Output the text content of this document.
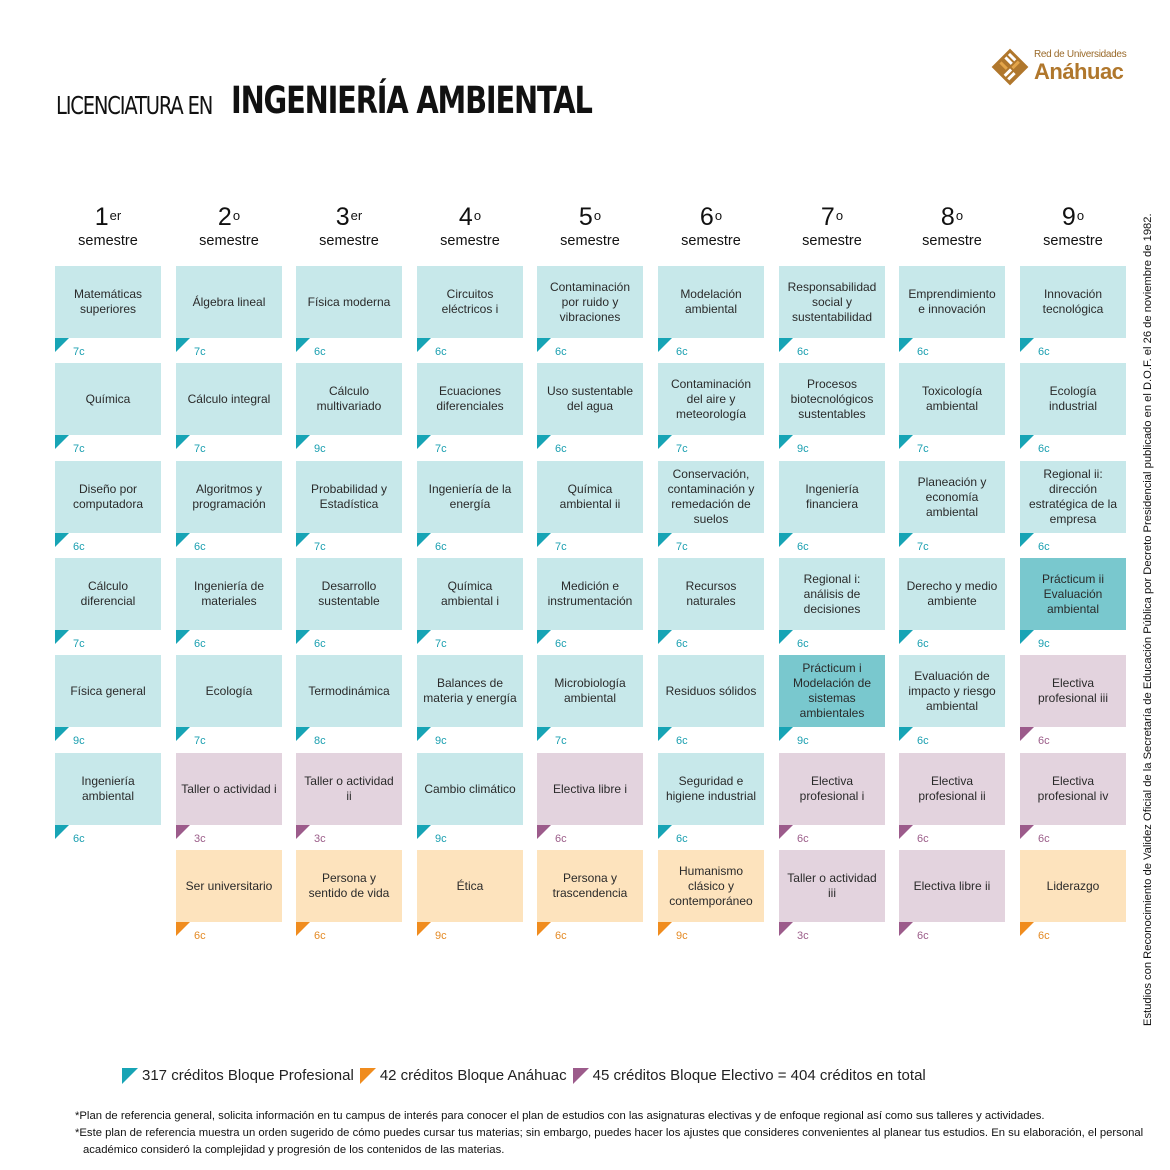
LICENCIATURA EN INGENIERÍA AMBIENTAL
Red de Universidades
Anáhuac
1er
semestre
Matemáticas superiores
7c
Química
7c
Diseño por computadora
6c
Cálculo diferencial
7c
Física general
9c
Ingeniería ambiental
6c
2$^o$
semestre
Álgebra lineal
7c
Cálculo integral
7c
Algoritmos y programación
6c
Ingeniería de materiales
6c
Ecología
7c
Taller o actividad i
3c
Ser universitario
6c
3er
semestre
Física moderna
6c
Cálculo multivariado
9c
Probabilidad y Estadística
7c
Desarrollo sustentable
6c
Termodinámica
8c
Taller o actividad ii
3c
Persona y sentido de vida
6c
4$^o$
semestre
Circuitos eléctricos i
6c
Ecuaciones diferenciales
7c
Ingeniería de la energía
6c
Química ambiental i
7c
Balances de materia y energía
9c
Cambio climático
9c
Ética
9c
5$^o$
semestre
Contaminación por ruido y vibraciones
6c
Uso sustentable del agua
6c
Química ambiental ii
7c
Medición e instrumentación
6c
Microbiología ambiental
7c
Electiva libre i
6c
Persona y trascendencia
6c
6$^o$
semestre
Modelación ambiental
6c
Contaminación del aire y meteorología
7c
Conservación, contaminación y remedación de suelos
7c
Recursos naturales
6c
Residuos sólidos
6c
Seguridad e higiene industrial
6c
Humanismo clásico y contemporáneo
9c
7$^o$
semestre
Responsabilidad social y sustentabilidad
6c
Procesos biotecnológicos sustentables
9c
Ingeniería financiera
6c
Regional i: análisis de decisiones
6c
Prácticum i Modelación de sistemas ambientales
9c
Electiva profesional i
6c
Taller o actividad iii
3c
8$^o$
semestre
Emprendimiento e innovación
6c
Toxicología ambiental
7c
Planeación y economía ambiental
7c
Derecho y medio ambiente
6c
Evaluación de impacto y riesgo ambiental
6c
Electiva profesional ii
6c
Electiva libre ii
6c
9$^o$
semestre
Innovación tecnológica
6c
Ecología industrial
6c
Regional ii: dirección estratégica de la empresa
6c
Prácticum ii Evaluación ambiental
9c
Electiva profesional iii
6c
Electiva profesional iv
6c
Liderazgo
6c	Estudios con Reconocimiento de Validez Oficial de la Secretaría de Educación Pública por Decreto Presidencial publicado en el D.O.F. el 26 de noviembre de 1982.
317 créditos Bloque Profesional 42 créditos Bloque Anáhuac 45 créditos Bloque Electivo = 404 créditos en total

*Plan de referencia general, solicita información en tu campus de interés para conocer el plan de estudios con las asignaturas electivas y de enfoque regional así como sus talleres y actividades.

*Este plan de referencia muestra un orden sugerido de cómo puedes cursar tus materias; sin embargo, puedes hacer los ajustes que consideres convenientes al planear tus estudios. En su elaboración, el personal académico consideró la complejidad y progresión de los contenidos de las materias.
